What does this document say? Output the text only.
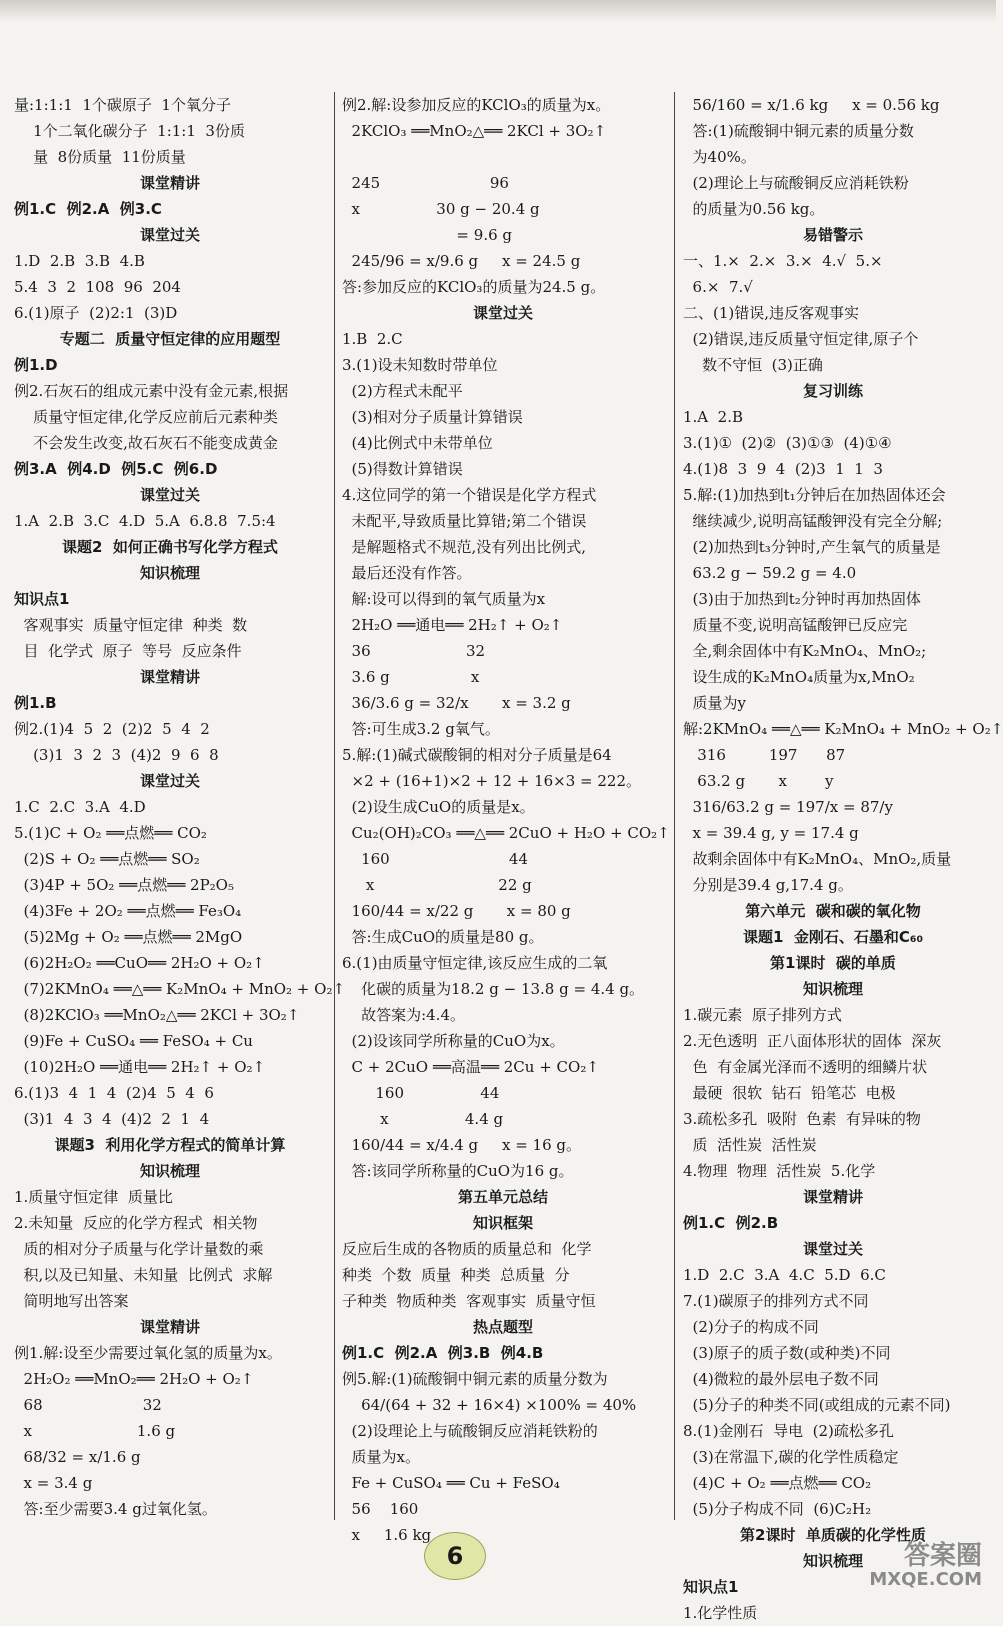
量:1:1:1  1个碳原子  1个氧分子
1个二氧化碳分子  1:1:1  3份质
量  8份质量  11份质量
课堂精讲
例1.C  例2.A  例3.C
课堂过关
1.D  2.B  3.B  4.B
5.4  3  2  108  96  204
6.(1)原子  (2)2:1  (3)D
专题二  质量守恒定律的应用题型
例1.D
例2.石灰石的组成元素中没有金元素,根据
质量守恒定律,化学反应前后元素种类
不会发生改变,故石灰石不能变成黄金
例3.A  例4.D  例5.C  例6.D
课堂过关
1.A  2.B  3.C  4.D  5.A  6.8.8  7.5:4
课题2  如何正确书写化学方程式
知识梳理
知识点1
客观事实  质量守恒定律  种类  数
目  化学式  原子  等号  反应条件
课堂精讲
例1.B
例2.(1)4  5  2  (2)2  5  4  2
(3)1  3  2  3  (4)2  9  6  8
课堂过关
1.C  2.C  3.A  4.D
5.(1)C + O₂ ══点燃══ CO₂
(2)S + O₂ ══点燃══ SO₂
(3)4P + 5O₂ ══点燃══ 2P₂O₅
(4)3Fe + 2O₂ ══点燃══ Fe₃O₄
(5)2Mg + O₂ ══点燃══ 2MgO
(6)2H₂O₂ ══CuO══ 2H₂O + O₂↑
(7)2KMnO₄ ══△══ K₂MnO₄ + MnO₂ + O₂↑
(8)2KClO₃ ══MnO₂△══ 2KCl + 3O₂↑
(9)Fe + CuSO₄ ══ FeSO₄ + Cu
(10)2H₂O ══通电══ 2H₂↑ + O₂↑
6.(1)3  4  1  4  (2)4  5  4  6
(3)1  4  3  4  (4)2  2  1  4
课题3  利用化学方程式的简单计算
知识梳理
1.质量守恒定律  质量比
2.未知量  反应的化学方程式  相关物
质的相对分子质量与化学计量数的乘
积,以及已知量、未知量  比例式  求解
简明地写出答案
课堂精讲
例1.解:设至少需要过氧化氢的质量为x。
2H₂O₂ ══MnO₂══ 2H₂O + O₂↑
68                     32
x                      1.6 g
68/32 = x/1.6 g
x = 3.4 g
答:至少需要3.4 g过氧化氢。
例2.解:设参加反应的KClO₃的质量为x。
2KClO₃ ══MnO₂△══ 2KCl + 3O₂↑
245                       96
x                30 g − 20.4 g
= 9.6 g
245/96 = x/9.6 g     x = 24.5 g
答:参加反应的KClO₃的质量为24.5 g。
课堂过关
1.B  2.C
3.(1)设未知数时带单位
(2)方程式未配平
(3)相对分子质量计算错误
(4)比例式中未带单位
(5)得数计算错误
4.这位同学的第一个错误是化学方程式
未配平,导致质量比算错;第二个错误
是解题格式不规范,没有列出比例式,
最后还没有作答。
解:设可以得到的氧气质量为x
2H₂O ══通电══ 2H₂↑ + O₂↑
36                    32
3.6 g                 x
36/3.6 g = 32/x       x = 3.2 g
答:可生成3.2 g氧气。
5.解:(1)碱式碳酸铜的相对分子质量是64
×2 + (16+1)×2 + 12 + 16×3 = 222。
(2)设生成CuO的质量是x。
Cu₂(OH)₂CO₃ ══△══ 2CuO + H₂O + CO₂↑
160                         44
x                          22 g
160/44 = x/22 g       x = 80 g
答:生成CuO的质量是80 g。
6.(1)由质量守恒定律,该反应生成的二氧
化碳的质量为18.2 g − 13.8 g = 4.4 g。
故答案为:4.4。
(2)设该同学所称量的CuO为x。
C + 2CuO ══高温══ 2Cu + CO₂↑
160                44
x                4.4 g
160/44 = x/4.4 g     x = 16 g。
答:该同学所称量的CuO为16 g。
第五单元总结
知识框架
反应后生成的各物质的质量总和  化学
种类  个数  质量  种类  总质量  分
子种类  物质种类  客观事实  质量守恒
热点题型
例1.C  例2.A  例3.B  例4.B
例5.解:(1)硫酸铜中铜元素的质量分数为
64/(64 + 32 + 16×4) ×100% = 40%
(2)设理论上与硫酸铜反应消耗铁粉的
质量为x。
Fe + CuSO₄ ══ Cu + FeSO₄
56    160
x     1.6 kg
56/160 = x/1.6 kg     x = 0.56 kg
答:(1)硫酸铜中铜元素的质量分数
为40%。
(2)理论上与硫酸铜反应消耗铁粉
的质量为0.56 kg。
易错警示
一、1.×  2.×  3.×  4.√  5.×
6.×  7.√
二、(1)错误,违反客观事实
(2)错误,违反质量守恒定律,原子个
数不守恒  (3)正确
复习训练
1.A  2.B
3.(1)①  (2)②  (3)①③  (4)①④
4.(1)8  3  9  4  (2)3  1  1  3
5.解:(1)加热到t₁分钟后在加热固体还会
继续减少,说明高锰酸钾没有完全分解;
(2)加热到t₃分钟时,产生氧气的质量是
63.2 g − 59.2 g = 4.0
(3)由于加热到t₂分钟时再加热固体
质量不变,说明高锰酸钾已反应完
全,剩余固体中有K₂MnO₄、MnO₂;
设生成的K₂MnO₄质量为x,MnO₂
质量为y
解:2KMnO₄ ══△══ K₂MnO₄ + MnO₂ + O₂↑
316         197      87
63.2 g       x        y
316/63.2 g = 197/x = 87/y
x = 39.4 g, y = 17.4 g
故剩余固体中有K₂MnO₄、MnO₂,质量
分别是39.4 g,17.4 g。
第六单元  碳和碳的氧化物
课题1  金刚石、石墨和C₆₀
第1课时  碳的单质
知识梳理
1.碳元素  原子排列方式
2.无色透明  正八面体形状的固体  深灰
色  有金属光泽而不透明的细鳞片状
最硬  很软  钻石  铅笔芯  电极
3.疏松多孔  吸附  色素  有异味的物
质  活性炭  活性炭
4.物理  物理  活性炭  5.化学
课堂精讲
例1.C  例2.B
课堂过关
1.D  2.C  3.A  4.C  5.D  6.C
7.(1)碳原子的排列方式不同
(2)分子的构成不同
(3)原子的质子数(或种类)不同
(4)微粒的最外层电子数不同
(5)分子的种类不同(或组成的元素不同)
8.(1)金刚石  导电  (2)疏松多孔
(3)在常温下,碳的化学性质稳定
(4)C + O₂ ══点燃══ CO₂
(5)分子构成不同  (6)C₂H₂
第2课时  单质碳的化学性质
知识梳理
知识点1
1.化学性质
6	答案圈
MXQE.COM
